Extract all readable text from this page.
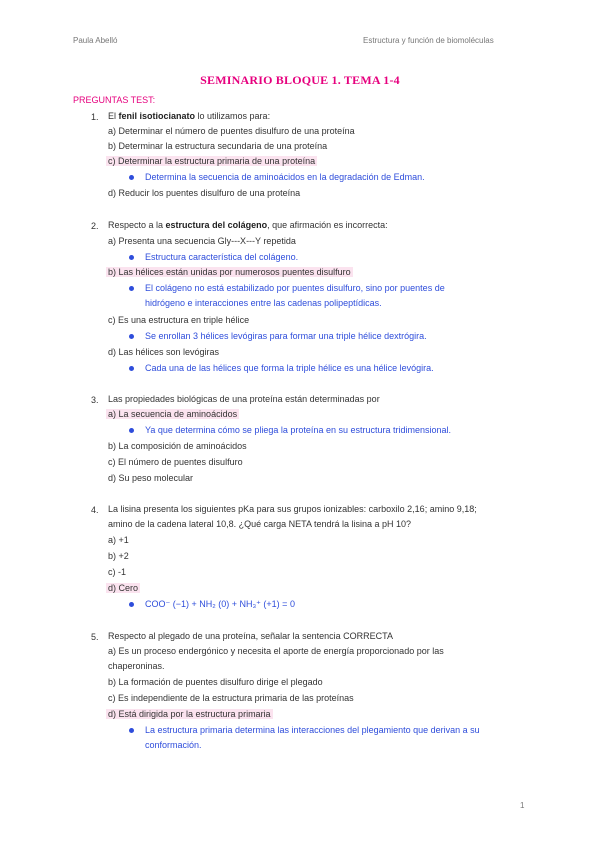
Paula Abelló	Estructura y función de biomoléculas
SEMINARIO BLOQUE 1. TEMA 1-4
PREGUNTAS TEST:
1. El fenil isotiocianato lo utilizamos para:
a) Determinar el número de puentes disulfuro de una proteína
b) Determinar la estructura secundaria de una proteína
c) Determinar la estructura primaria de una proteína
Determina la secuencia de aminoácidos en la degradación de Edman.
d) Reducir los puentes disulfuro de una proteína
2. Respecto a la estructura del colágeno, que afirmación es incorrecta:
a) Presenta una secuencia Gly---X---Y repetida
Estructura característica del colágeno.
b) Las hélices están unidas por numerosos puentes disulfuro
El colágeno no está estabilizado por puentes disulfuro, sino por puentes de
hidrógeno e interacciones entre las cadenas polipeptídicas.
c) Es una estructura en triple hélice
Se enrollan 3 hélices levógiras para formar una triple hélice dextrógira.
d) Las hélices son levógiras
Cada una de las hélices que forma la triple hélice es una hélice levógira.
3. Las propiedades biológicas de una proteína están determinadas por
a) La secuencia de aminoácidos
Ya que determina cómo se pliega la proteína en su estructura tridimensional.
b) La composición de aminoácidos
c) El número de puentes disulfuro
d) Su peso molecular
4. La lisina presenta los siguientes pKa para sus grupos ionizables: carboxilo 2,16; amino 9,18;
amino de la cadena lateral 10,8. ¿Qué carga NETA tendrá la lisina a pH 10?
a) +1
b) +2
c) -1
d) Cero
COO⁻ (−1) + NH₂ (0) + NH₃⁺ (+1) = 0
5. Respecto al plegado de una proteína, señalar la sentencia CORRECTA
a) Es un proceso endergónico y necesita el aporte de energía proporcionado por las
chaperoninas.
b) La formación de puentes disulfuro dirige el plegado
c) Es independiente de la estructura primaria de las proteínas
d) Está dirigida por la estructura primaria
La estructura primaria determina las interacciones del plegamiento que derivan a su
conformación.
1
